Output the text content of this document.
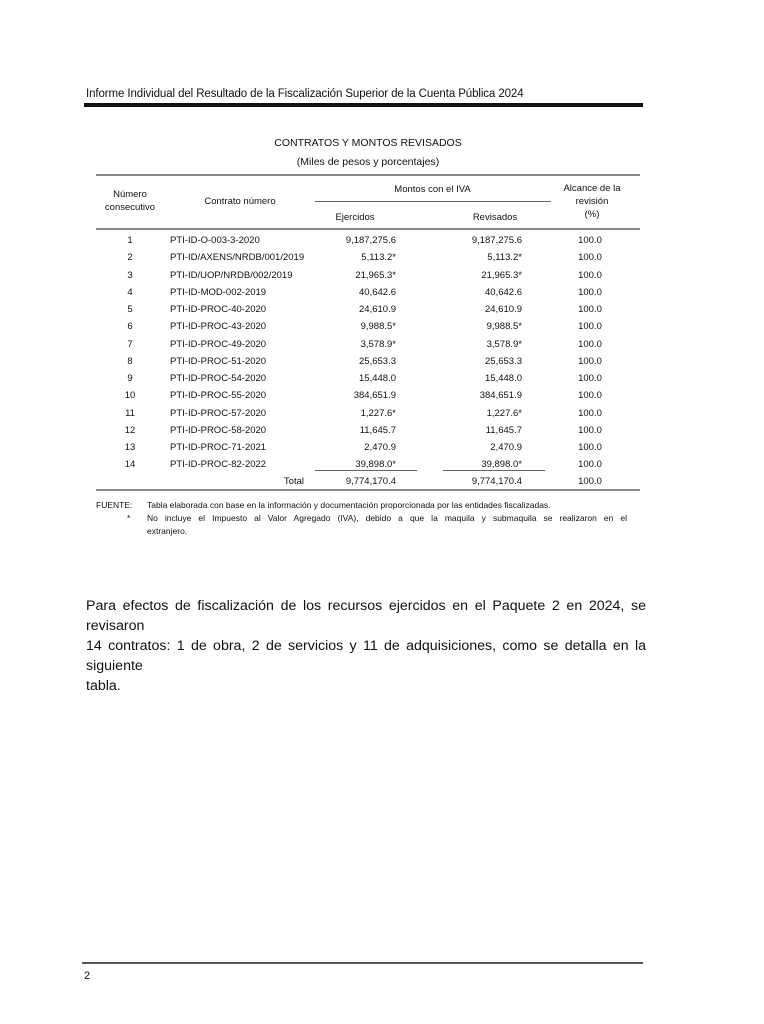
Informe Individual del Resultado de la Fiscalización Superior de la Cuenta Pública 2024
CONTRATOS Y MONTOS REVISADOS
(Miles de pesos y porcentajes)
Número
consecutivo
Contrato número
Montos con el IVA
Ejercidos	Revisados
Alcance de la
revisión
(%)
1	PTI-ID-O-003-3-2020	9,187,275.6	9,187,275.6	100.0
2	PTI-ID/AXENS/NRDB/001/2019	5,113.2*	5,113.2*	100.0
3	PTI-ID/UOP/NRDB/002/2019	21,965.3*	21,965.3*	100.0
4	PTI-ID-MOD-002-2019	40,642.6	40,642.6	100.0
5	PTI-ID-PROC-40-2020	24,610.9	24,610.9	100.0
6	PTI-ID-PROC-43-2020	9,988.5*	9,988.5*	100.0
7	PTI-ID-PROC-49-2020	3,578.9*	3,578.9*	100.0
8	PTI-ID-PROC-51-2020	25,653.3	25,653.3	100.0
9	PTI-ID-PROC-54-2020	15,448.0	15,448.0	100.0
10	PTI-ID-PROC-55-2020	384,651.9	384,651.9	100.0
11	PTI-ID-PROC-57-2020	1,227.6*	1,227.6*	100.0
12	PTI-ID-PROC-58-2020	11,645.7	11,645.7	100.0
13	PTI-ID-PROC-71-2021	2,470.9	2,470.9	100.0
14	PTI-ID-PROC-82-2022	39,898.0*	39,898.0*	100.0
Total	9,774,170.4	9,774,170.4	100.0
FUENTE: Tabla elaborada con base en la información y documentación proporcionada por las entidades fiscalizadas.
* No incluye el Impuesto al Valor Agregado (IVA), debido a que la maquila y submaquila se realizaron en el
extranjero.
Para efectos de fiscalización de los recursos ejercidos en el Paquete 2 en 2024, se revisaron
14 contratos: 1 de obra, 2 de servicios y 11 de adquisiciones, como se detalla en la siguiente
tabla.
2
